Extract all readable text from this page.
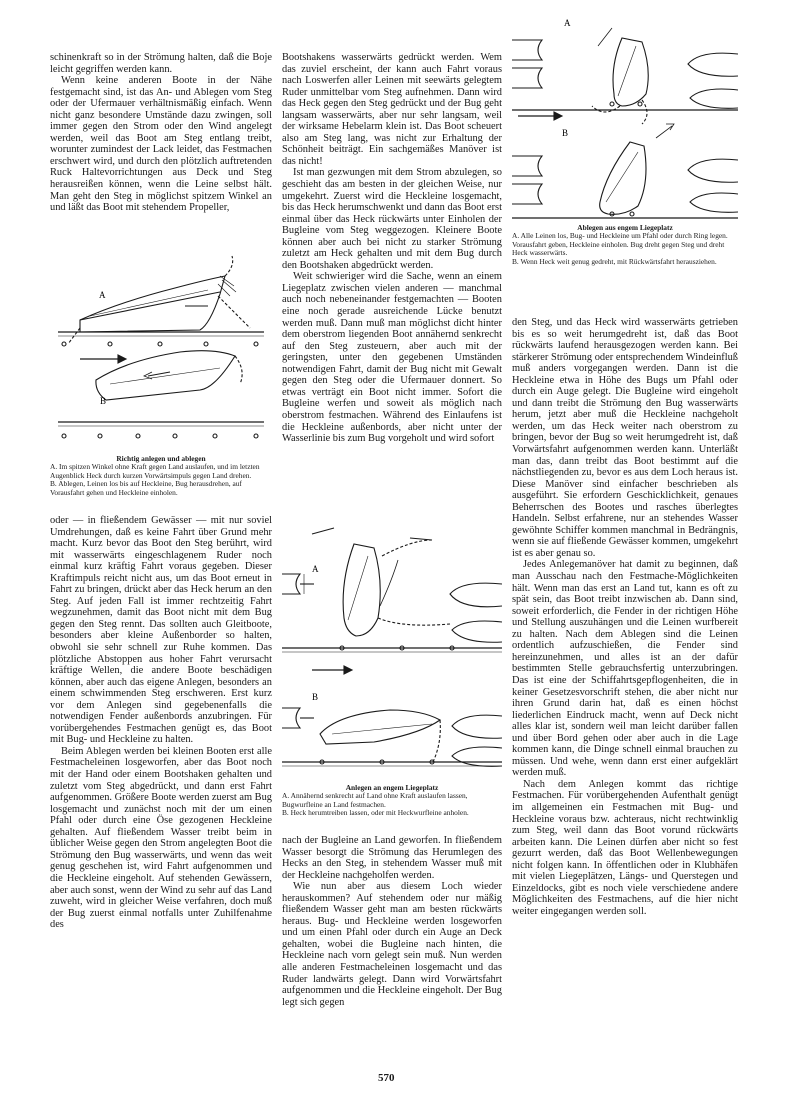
schinenkraft so in der Strömung halten, daß die Boje leicht gegriffen werden kann.

Wenn keine anderen Boote in der Nähe festgemacht sind, ist das An- und Ablegen vom Steg oder der Ufermauer verhältnismäßig einfach. Wenn nicht ganz besondere Umstände dazu zwingen, soll immer gegen den Strom oder den Wind angelegt werden, weil das Boot am Steg entlang treibt, worunter zumindest der Lack leidet, das Festmachen erschwert wird, und durch den plötzlich auftretenden Ruck Haltevorrichtungen aus Deck und Steg herausreißen können, wenn die Leine selbst hält. Man geht den Steg in möglichst spitzem Winkel an und läßt das Boot mit stehendem Propeller,

A
B
Richtig anlegen und ablegen
A. Im spitzen Winkel ohne Kraft gegen Land auslaufen, und im letzten Augenblick Heck durch kurzen Vorwärtsimpuls gegen Land drehen.
B. Ablegen, Leinen los bis auf Heckleine, Bug herausdrehen, auf Vorausfahrt gehen und Heckleine einholen.

oder — in fließendem Gewässer — mit nur soviel Umdrehungen, daß es keine Fahrt über Grund mehr macht. Kurz bevor das Boot den Steg berührt, wird mit wasserwärts eingeschlagenem Ruder noch einmal kurz kräftig Fahrt voraus gegeben. Dieser Kraftimpuls reicht nicht aus, um das Boot erneut in Fahrt zu bringen, drückt aber das Heck herum an den Steg. Auf jeden Fall ist immer rechtzeitig Fahrt wegzunehmen, damit das Boot nicht mit dem Bug gegen den Steg rennt. Das sollten auch Gleitboote, besonders aber kleine Außenborder so halten, obwohl sie sehr schnell zur Ruhe kommen. Das plötzliche Abstoppen aus hoher Fahrt verursacht kräftige Wellen, die andere Boote beschädigen können, aber auch das eigene Anlegen, besonders an einem schwimmenden Steg erschweren. Erst kurz vor dem Anlegen sind gegebenenfalls die notwendigen Fender außenbords anzubringen. Für vorübergehendes Festmachen genügt es, das Boot mit Bug- und Heckleine zu halten.

Beim Ablegen werden bei kleinen Booten erst alle Festmacheleinen losgeworfen, aber das Boot noch mit der Hand oder einem Bootshaken gehalten und zuletzt vom Steg abgedrückt, und dann erst Fahrt aufgenommen. Größere Boote werden zuerst am Bug losgemacht und zunächst noch mit der um einen Pfahl oder durch eine Öse gezogenen Heckleine gehalten. Auf fließendem Wasser treibt beim in üblicher Weise gegen den Strom angelegten Boot die Strömung den Bug wasserwärts, und wenn das weit genug geschehen ist, wird Fahrt aufgenommen und die Heckleine eingeholt. Auf stehenden Gewässern, aber auch sonst, wenn der Wind zu sehr auf das Land zuweht, wird in gleicher Weise verfahren, doch muß der Bug zuerst einmal notfalls unter Zuhilfenahme des

Bootshakens wasserwärts gedrückt werden. Wem das zuviel erscheint, der kann auch Fahrt voraus nach Loswerfen aller Leinen mit seewärts gelegtem Ruder unmittelbar vom Steg aufnehmen. Dann wird das Heck gegen den Steg gedrückt und der Bug geht langsam wasserwärts, aber nur sehr langsam, weil der wirksame Hebelarm klein ist. Das Boot scheuert also am Steg lang, was nicht zur Erhaltung der Schönheit beiträgt. Ein sachgemäßes Manöver ist das nicht!

Ist man gezwungen mit dem Strom abzulegen, so geschieht das am besten in der gleichen Weise, nur umgekehrt. Zuerst wird die Heckleine losgemacht, bis das Heck herumschwenkt und dann das Boot erst einmal über das Heck rückwärts unter Einholen der Bugleine vom Steg weggezogen. Kleinere Boote können aber auch bei nicht zu starker Strömung zuletzt am Heck gehalten und mit dem Bug durch den Bootshaken abgedrückt werden.

Weit schwieriger wird die Sache, wenn an einem Liegeplatz zwischen vielen anderen — manchmal auch noch nebeneinander festgemachten — Booten eine noch gerade ausreichende Lücke benutzt werden muß. Dann muß man möglichst dicht hinter dem oberstrom liegenden Boot annähernd senkrecht auf den Steg zusteuern, aber auch mit der geringsten, unter den gegebenen Umständen notwendigen Fahrt, damit der Bug nicht mit Gewalt gegen den Steg oder die Ufermauer donnert. So etwas verträgt ein Boot nicht immer. Sofort die Bugleine werfen und soweit als möglich nach oberstrom festmachen. Während des Einlaufens ist die Heckleine außenbords, aber nicht unter der Wasserlinie bis zum Bug vorgeholt und wird sofort

A
B
Anlegen an engem Liegeplatz
A. Annähernd senkrecht auf Land ohne Kraft auslaufen lassen, Bugwurfleine an Land festmachen.
B. Heck herumtreiben lassen, oder mit Heckwurfleine anholen.

nach der Bugleine an Land geworfen. In fließendem Wasser besorgt die Strömung das Herumlegen des Hecks an den Steg, in stehendem Wasser muß mit der Heckleine nachgeholfen werden.

Wie nun aber aus diesem Loch wieder herauskommen? Auf stehendem oder nur mäßig fließendem Wasser geht man am besten rückwärts heraus. Bug- und Heckleine werden losgeworfen und um einen Pfahl oder durch ein Auge an Deck gehalten, wobei die Bugleine nach hinten, die Heckleine nach vorn gelegt sein muß. Nun werden alle anderen Festmacheleinen losgemacht und das Ruder landwärts gelegt. Dann wird Vorwärtsfahrt aufgenommen und die Heckleine eingeholt. Der Bug legt sich gegen

A
B
Ablegen aus engem Liegeplatz
A. Alle Leinen los, Bug- und Heckleine um Pfahl oder durch Ring legen. Vorausfahrt geben, Heckleine einholen. Bug dreht gegen Steg und dreht Heck wasserwärts.
B. Wenn Heck weit genug gedreht, mit Rückwärtsfahrt herausziehen.

den Steg, und das Heck wird wasserwärts getrieben bis es so weit herumgedreht ist, daß das Boot rückwärts laufend herausgezogen werden kann. Bei stärkerer Strömung oder entsprechendem Windeinfluß muß anders vorgegangen werden. Dann ist die Heckleine etwa in Höhe des Bugs um Pfahl oder durch ein Auge gelegt. Die Bugleine wird eingeholt und dann treibt die Strömung den Bug wasserwärts herum, jetzt aber muß die Heckleine nachgeholt werden, um das Heck weiter nach oberstrom zu bringen, bevor der Bug so weit herumgedreht ist, daß Vorwärtsfahrt aufgenommen werden kann. Unterläßt man das, dann treibt das Boot bestimmt auf die nächstliegenden zu, bevor es aus dem Loch heraus ist. Diese Manöver sind einfacher beschrieben als ausgeführt. Sie erfordern Geschicklichkeit, genaues Beherrschen des Bootes und rasches überlegtes Handeln. Selbst erfahrene, nur an stehendes Wasser gewöhnte Schiffer kommen manchmal in Bedrängnis, wenn sie auf fließende Gewässer kommen, umgekehrt ist es aber genau so.

Jedes Anlegemanöver hat damit zu beginnen, daß man Ausschau nach den Festmache-Möglichkeiten hält. Wenn man das erst an Land tut, kann es oft zu spät sein, das Boot treibt inzwischen ab. Dann sind, soweit erforderlich, die Fender in der richtigen Höhe und Stellung auszuhängen und die Leinen wurfbereit zu halten. Nach dem Ablegen sind die Leinen ordentlich aufzuschießen, die Fender sind hereinzunehmen, und alles ist an der dafür bestimmten Stelle gebrauchsfertig unterzubringen. Das ist eine der Schiffahrtsgepflogenheiten, die in keiner Gesetzesvorschrift stehen, die aber nicht nur ihren Grund darin hat, daß es einen höchst liederlichen Eindruck macht, wenn auf Deck nicht alles klar ist, sondern weil man leicht darüber fallen und über Bord gehen oder aber auch in die Lage kommen kann, die Dinge schnell einmal brauchen zu müssen. Und wehe, wenn dann erst einer aufgeklärt werden muß.

Nach dem Anlegen kommt das richtige Festmachen. Für vorübergehenden Aufenthalt genügt im allgemeinen ein Festmachen mit Bug- und Heckleine voraus bzw. achteraus, nicht rechtwinklig zum Steg, weil dann das Boot vorund rückwärts arbeiten kann. Die Leinen dürfen aber nicht so fest gezurrt werden, daß das Boot Wellenbewegungen nicht folgen kann. In öffentlichen oder in Klubhäfen mit vielen Liegeplätzen, Längs- und Querstegen und Einzeldocks, gibt es noch viele verschiedene andere Möglichkeiten des Festmachens, auf die hier nicht weiter eingegangen werden soll.

570
